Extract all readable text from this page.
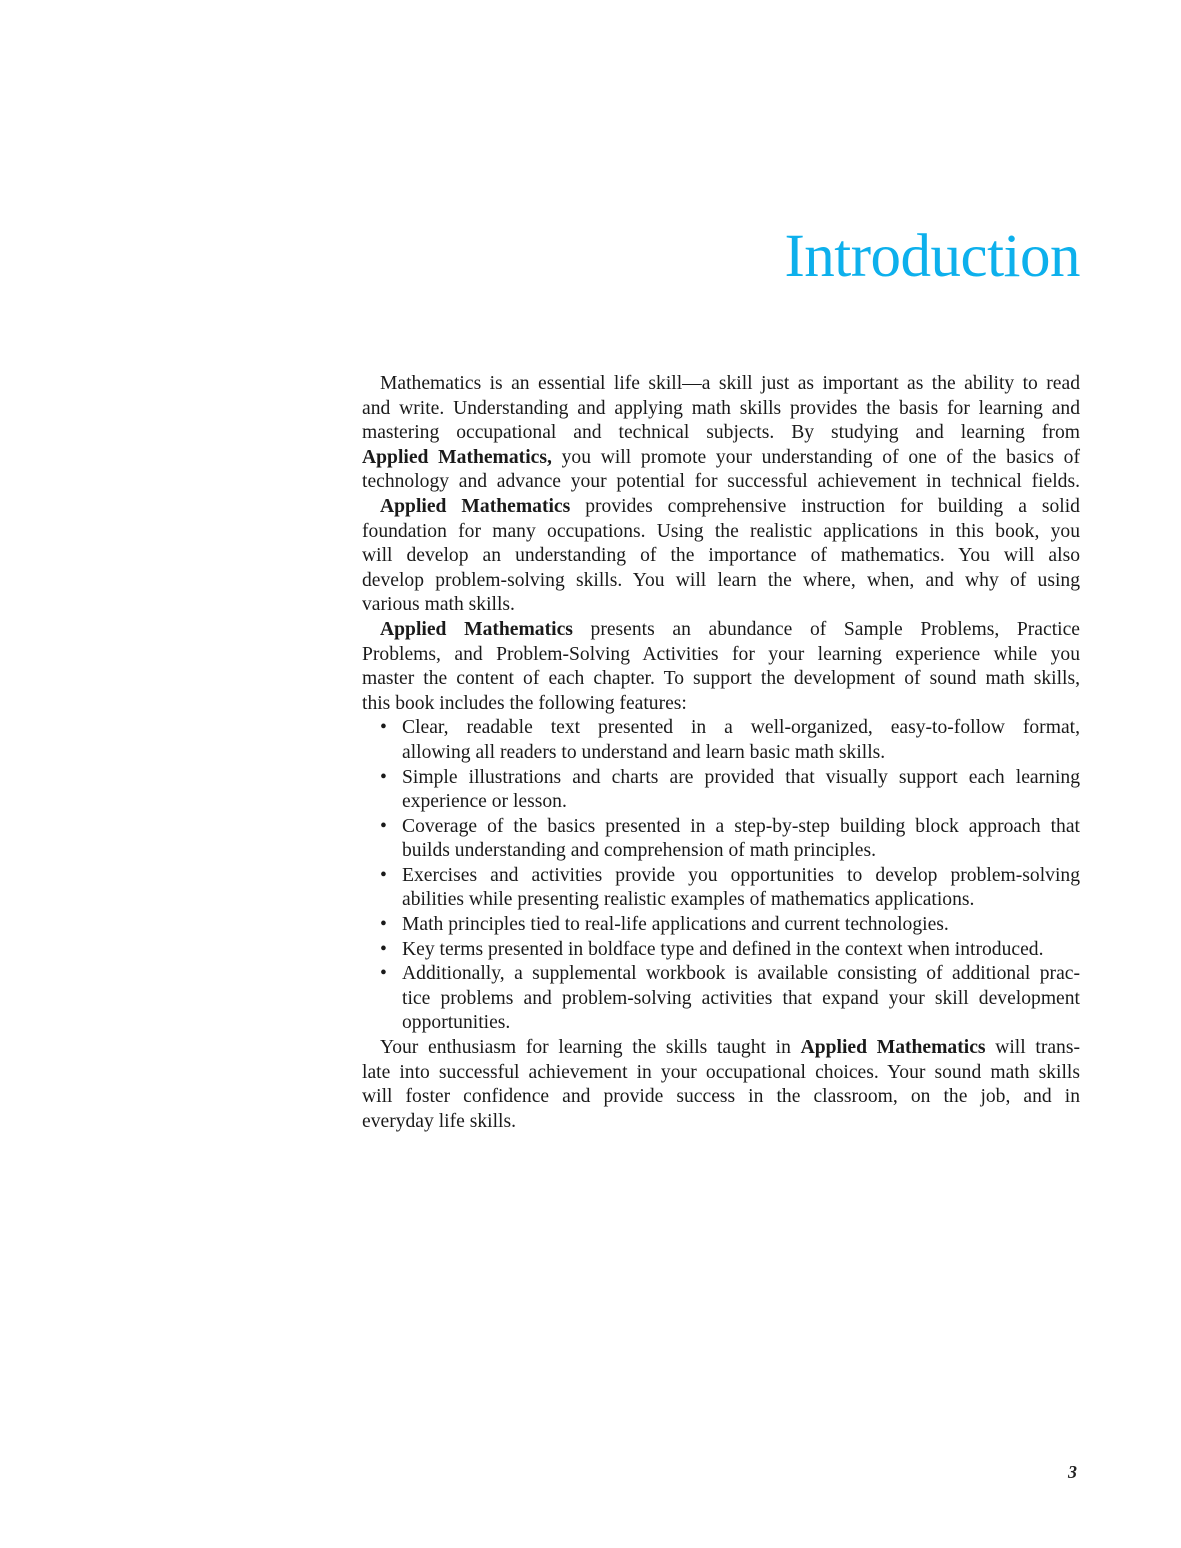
Introduction
Mathematics is an essential life skill—a skill just as important as the ability to read
and write. Understanding and applying math skills provides the basis for learning and
mastering occupational and technical subjects. By studying and learning from
Applied Mathematics, you will promote your understanding of one of the basics of
technology and advance your potential for successful achievement in technical fields.
Applied Mathematics provides comprehensive instruction for building a solid
foundation for many occupations. Using the realistic applications in this book, you
will develop an understanding of the importance of mathematics. You will also
develop problem-solving skills. You will learn the where, when, and why of using
various math skills.
Applied Mathematics presents an abundance of Sample Problems, Practice
Problems, and Problem-Solving Activities for your learning experience while you
master the content of each chapter. To support the development of sound math skills,
this book includes the following features:
• Clear, readable text presented in a well-organized, easy-to-follow format,
allowing all readers to understand and learn basic math skills.
• Simple illustrations and charts are provided that visually support each learning
experience or lesson.
• Coverage of the basics presented in a step-by-step building block approach that
builds understanding and comprehension of math principles.
• Exercises and activities provide you opportunities to develop problem-solving
abilities while presenting realistic examples of mathematics applications.
• Math principles tied to real-life applications and current technologies.
• Key terms presented in boldface type and defined in the context when introduced.
• Additionally, a supplemental workbook is available consisting of additional prac-
tice problems and problem-solving activities that expand your skill development
opportunities.
Your enthusiasm for learning the skills taught in Applied Mathematics will trans-
late into successful achievement in your occupational choices. Your sound math skills
will foster confidence and provide success in the classroom, on the job, and in
everyday life skills.
3
